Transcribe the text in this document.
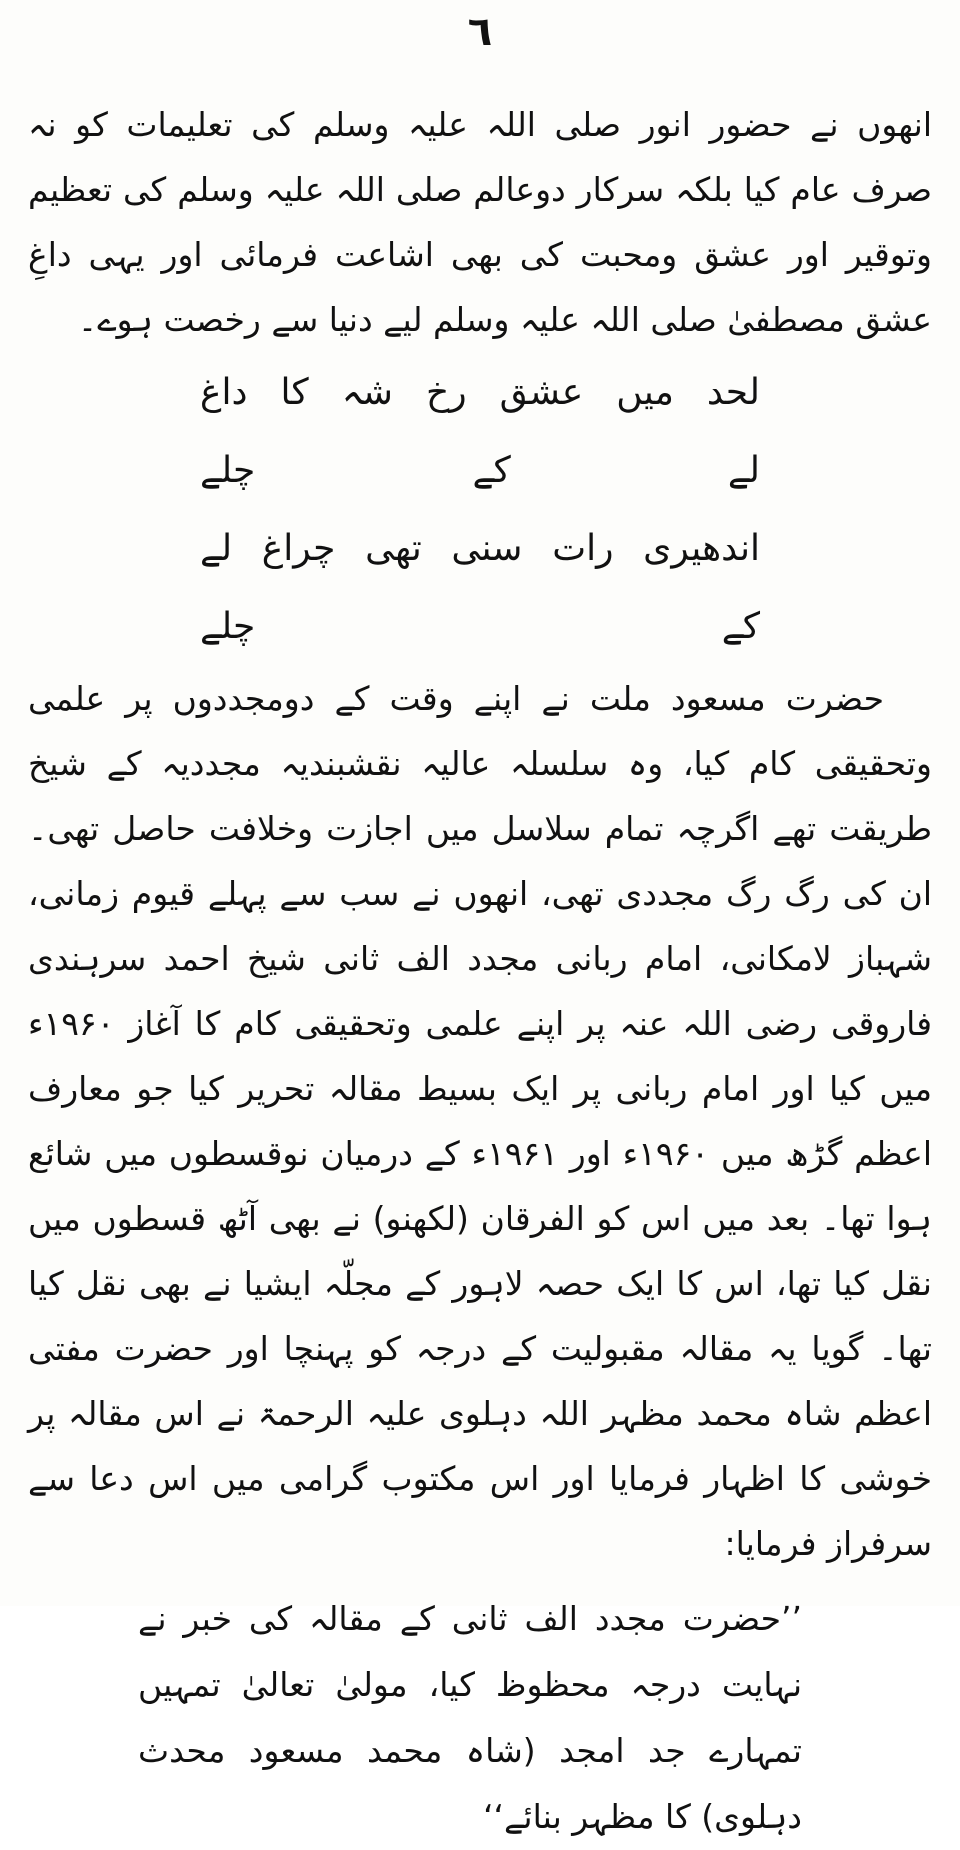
٦

انھوں نے حضور انور صلی اللہ علیہ وسلم کی تعلیمات کو نہ صرف عام کیا بلکہ سرکار دوعالم صلی اللہ علیہ وسلم کی تعظیم وتوقیر اور عشق ومحبت کی بھی اشاعت فرمائی اور یہی داغِ عشق مصطفیٰ صلی اللہ علیہ وسلم لیے دنیا سے رخصت ہوے۔

لحد میں عشق رخ شہ کا داغ لے کے چلے
اندھیری رات سنی تھی چراغ لے کے چلے

حضرت مسعود ملت نے اپنے وقت کے دومجددوں پر علمی وتحقیقی کام کیا، وہ سلسلہ عالیہ نقشبندیہ مجددیہ کے شیخ طریقت تھے اگرچہ تمام سلاسل میں اجازت وخلافت حاصل تھی۔ان کی رگ رگ مجددی تھی، انھوں نے سب سے پہلے قیوم زمانی، شہباز لامکانی، امام ربانی مجدد الف ثانی شیخ احمد سرہندی فاروقی رضی اللہ عنہ پر اپنے علمی وتحقیقی کام کا آغاز ۱۹۶۰ء میں کیا اور امام ربانی پر ایک بسیط مقالہ تحریر کیا جو معارف اعظم گڑھ میں ۱۹۶۰ء اور ۱۹۶۱ء کے درمیان نوقسطوں میں شائع ہوا تھا۔ بعد میں اس کو الفرقان (لکھنو) نے بھی آٹھ قسطوں میں نقل کیا تھا، اس کا ایک حصہ لاہور کے مجلّہ ایشیا نے بھی نقل کیا تھا۔ گویا یہ مقالہ مقبولیت کے درجہ کو پہنچا اور حضرت مفتی اعظم شاہ محمد مظہر اللہ دہلوی علیہ الرحمۃ نے اس مقالہ پر خوشی کا اظہار فرمایا اور اس مکتوب گرامی میں اس دعا سے سرفراز فرمایا:

’’حضرت مجدد الف ثانی کے مقالہ کی خبر نے نہایت درجہ محظوظ کیا، مولیٰ تعالیٰ تمہیں تمہارے جد امجد (شاہ محمد مسعود محدث دہلوی) کا مظہر بنائے‘‘
